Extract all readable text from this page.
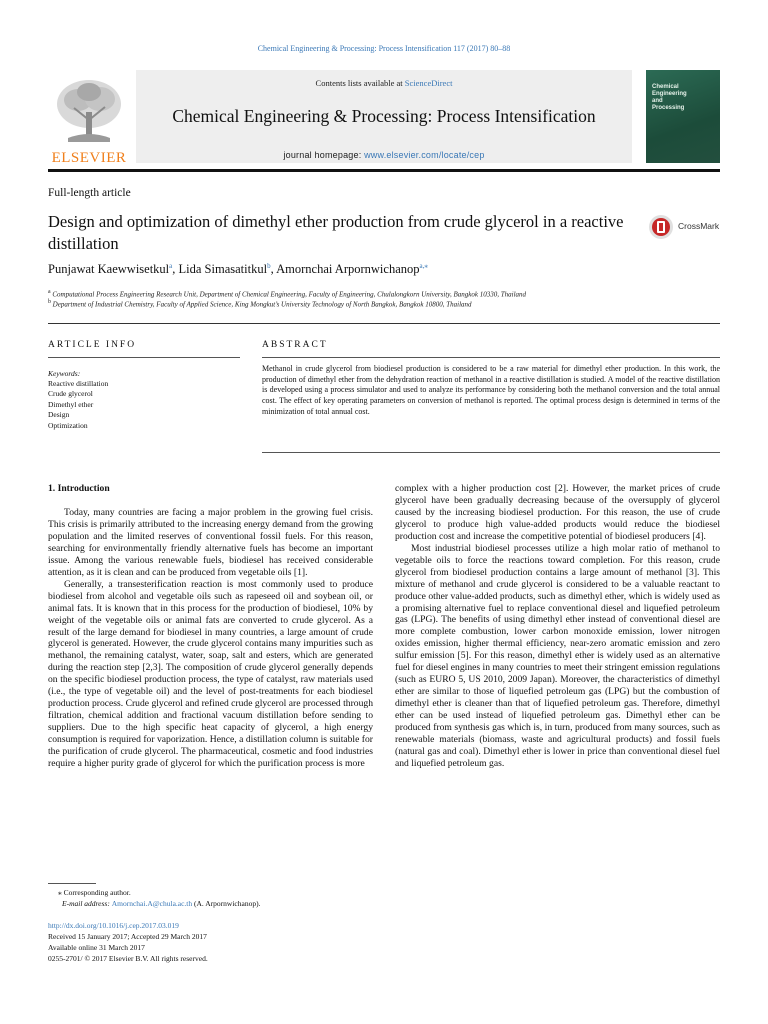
Chemical Engineering & Processing: Process Intensification 117 (2017) 80–88
ELSEVIER
Contents lists available at ScienceDirect
Chemical Engineering & Processing: Process Intensification
journal homepage: www.elsevier.com/locate/cep
Chemical
Engineering
and
Processing
Full-length article
Design and optimization of dimethyl ether production from crude glycerol in a reactive distillation
CrossMark
Punjawat Kaewwisetkul$^a$, Lida Simasatitkul$^b$, Amornchai Arpornwichanop$^{a,⁎}$
$^a$ Computational Process Engineering Research Unit, Department of Chemical Engineering, Faculty of Engineering, Chulalongkorn University, Bangkok 10330, Thailand
$^b$ Department of Industrial Chemistry, Faculty of Applied Science, King Mongkut’s University Technology of North Bangkok, Bangkok 10800, Thailand
ARTICLE INFO	ABSTRACT
Keywords:
Reactive distillation
Crude glycerol
Dimethyl ether
Design
Optimization
Methanol in crude glycerol from biodiesel production is considered to be a raw material for dimethyl ether production. In this work, the production of dimethyl ether from the dehydration reaction of methanol in a reactive distillation is studied. A model of the reactive distillation is developed using a process simulator and used to analyze its performance by considering both the methanol conversion and the total annual cost. The effect of key operating parameters on conversion of methanol is reported. The optimal process design is determined in terms of the minimization of total annual cost.
1. Introduction

Today, many countries are facing a major problem in the growing fuel crisis. This crisis is primarily attributed to the increasing energy demand from the growing population and the limited reserves of conventional fossil fuels. For this reason, searching for environmentally friendly alternative fuels has become an important issue. Among the various renewable fuels, biodiesel has received considerable attention, as it is clean and can be produced from vegetable oils [1].

Generally, a transesterification reaction is most commonly used to produce biodiesel from alcohol and vegetable oils such as rapeseed oil and soybean oil, or animal fats. It is known that in this process for the production of biodiesel, 10% by weight of the vegetable oils or animal fats are converted to crude glycerol. As a result of the large demand for biodiesel in many countries, a large amount of crude glycerol is generated. However, the crude glycerol contains many impurities such as methanol, the remaining catalyst, water, soap, salt and esters, which are generated during the reaction step [2,3]. The composition of crude glycerol generally depends on the specific biodiesel production process, the type of catalyst, raw materials used (i.e., the type of vegetable oil) and the level of post-treatments for each biodiesel production process. Crude glycerol and refined crude glycerol are processed through filtration, chemical addition and fractional vacuum distillation before sending to suppliers. Due to the high specific heat capacity of glycerol, a high energy consumption is required for vaporization. Hence, a distillation column is suitable for the purification of crude glycerol. The pharmaceutical, cosmetic and food industries require a higher purity grade of glycerol for which the purification process is more

complex with a higher production cost [2]. However, the market prices of crude glycerol have been gradually decreasing because of the oversupply of glycerol caused by the increasing biodiesel production. For this reason, the use of crude glycerol to produce high value-added products would reduce the biodiesel production cost and increase the competitive potential of biodiesel producers [4].

Most industrial biodiesel processes utilize a high molar ratio of methanol to vegetable oils to force the reactions toward completion. For this reason, crude glycerol from biodiesel production contains a large amount of methanol [3]. This mixture of methanol and crude glycerol is considered to be a valuable reactant to produce other value-added products, such as dimethyl ether, which is widely used as a promising alternative fuel to replace conventional diesel and liquefied petroleum gas (LPG). The benefits of using dimethyl ether instead of conventional diesel are more complete combustion, lower carbon monoxide emission, lower nitrogen oxides emission, higher thermal efficiency, near-zero aromatic emission and zero sulfur emission [5]. For this reason, dimethyl ether is widely used as an alternative fuel for diesel engines in many countries to meet their stringent emission regulations (such as EURO 5, US 2010, 2009 Japan). Moreover, the characteristics of dimethyl ether are similar to those of liquefied petroleum gas (LPG) but the combustion of dimethyl ether is cleaner than that of liquefied petroleum gas. Therefore, dimethyl ether can be used instead of liquefied petroleum gas. Dimethyl ether can be produced from synthesis gas which is, in turn, produced from many sources, such as renewable materials (biomass, waste and agricultural products) and fossil fuels (natural gas and coal). Dimethyl ether is lower in price than conventional diesel fuel and liquefied petroleum gas.

⁎ Corresponding author.
E-mail address: Amornchai.A@chula.ac.th (A. Arpornwichanop).
http://dx.doi.org/10.1016/j.cep.2017.03.019
Received 15 January 2017; Accepted 29 March 2017
Available online 31 March 2017
0255-2701/ © 2017 Elsevier B.V. All rights reserved.
